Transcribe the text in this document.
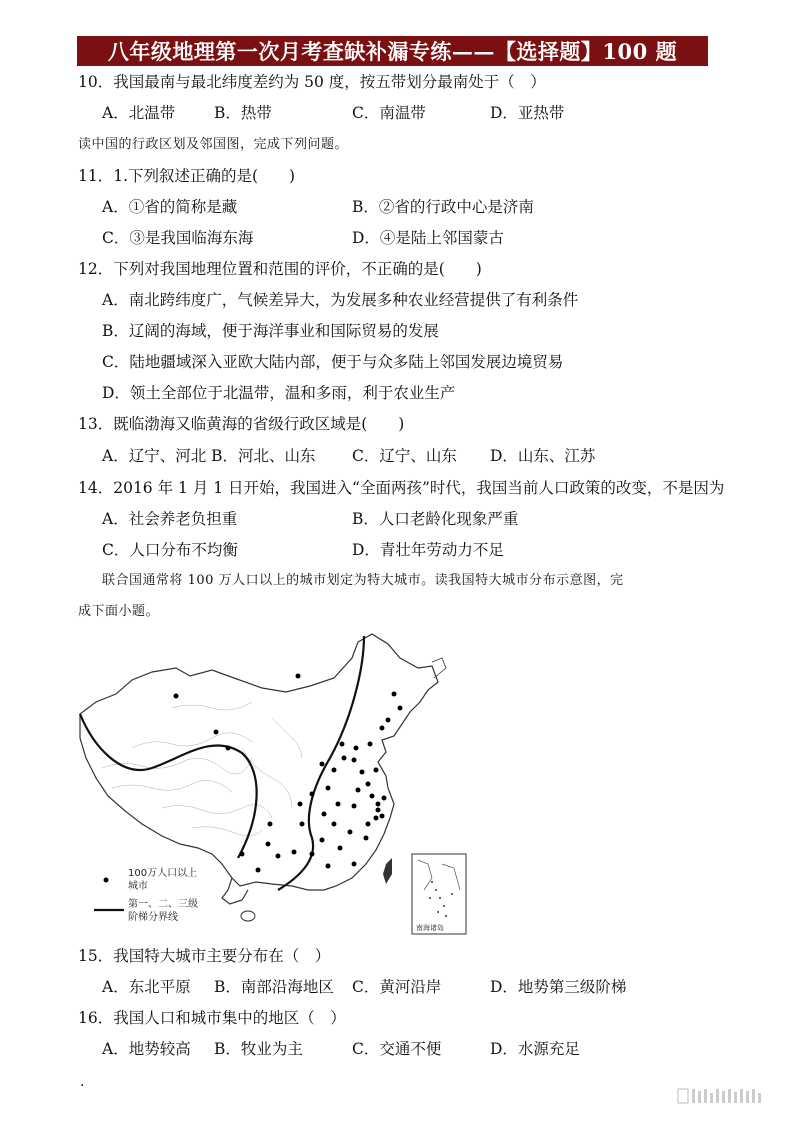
八年级地理第一次月考查缺补漏专练——【选择题】100 题
10．我国最南与最北纬度差约为 50 度，按五带划分最南处于（　）
A．北温带	B．热带	C．南温带	D．亚热带
读中国的行政区划及邻国图，完成下列问题。
11．1.下列叙述正确的是(　　)
A．①省的简称是藏	B．②省的行政中心是济南
C．③是我国临海东海	D．④是陆上邻国蒙古
12．下列对我国地理位置和范围的评价，不正确的是(　　)
A．南北跨纬度广，气候差异大，为发展多种农业经营提供了有利条件
B．辽阔的海域，便于海洋事业和国际贸易的发展
C．陆地疆域深入亚欧大陆内部，便于与众多陆上邻国发展边境贸易
D．领土全部位于北温带，温和多雨，利于农业生产
13．既临渤海又临黄海的省级行政区域是(　　)
A．辽宁、河北 B．河北、山东 C．辽宁、山东 D．山东、江苏
14．2016 年 1 月 1 日开始，我国进入“全面两孩”时代，我国当前人口政策的改变，不是因为
A．社会养老负担重	B．人口老龄化现象严重
C．人口分布不均衡	D．青壮年劳动力不足
联合国通常将 100 万人口以上的城市划定为特大城市。读我国特大城市分布示意图，完
成下面小题。
100万人口以上
城市
第一、二、三级
阶梯分界线
南海诸岛
15．我国特大城市主要分布在（　）
A．东北平原 B．南部沿海地区 C．黄河沿岸	D．地势第三级阶梯
16．我国人口和城市集中的地区（　）
A．地势较高 B．牧业为主	C．交通不便	D．水源充足
.
